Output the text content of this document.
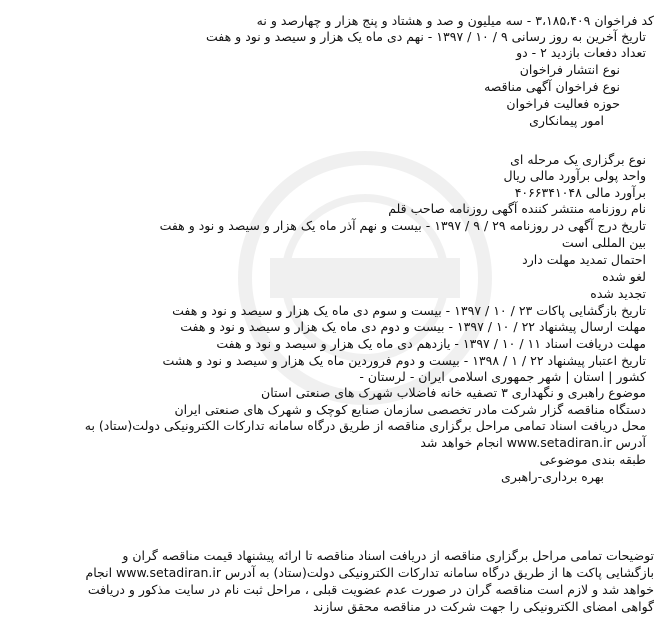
کد فراخوان ۳،۱۸۵،۴۰۹ - سه میلیون و صد و هشتاد و پنج هزار و چهارصد و نه
تاریخ آخرین به روز رسانی ۹ / ۱۰ / ۱۳۹۷ - نهم دی ماه یک هزار و سیصد و نود و هفت
تعداد دفعات بازدید ۲ - دو
نوع انتشار فراخوان
نوع فراخوان آگهی مناقصه
حوزه فعالیت فراخوان
امور پیمانکاری
نوع برگزاری یک مرحله ای
واحد پولی برآورد مالی ریال
برآورد مالی ۴۰۶۶۳۴۱۰۴۸
نام روزنامه منتشر کننده آگهی روزنامه صاحب قلم
تاریخ درج آگهی در روزنامه ۲۹ / ۹ / ۱۳۹۷ - بیست و نهم آذر ماه یک هزار و سیصد و نود و هفت
بین المللی است
احتمال تمدید مهلت دارد
لغو شده
تجدید شده
تاریخ بازگشایی پاکات ۲۳ / ۱۰ / ۱۳۹۷ - بیست و سوم دی ماه یک هزار و سیصد و نود و هفت
مهلت ارسال پیشنهاد ۲۲ / ۱۰ / ۱۳۹۷ - بیست و دوم دی ماه یک هزار و سیصد و نود و هفت
مهلت دریافت اسناد ۱۱ / ۱۰ / ۱۳۹۷ - یازدهم دی ماه یک هزار و سیصد و نود و هفت
تاریخ اعتبار پیشنهاد ۲۲ / ۱ / ۱۳۹۸ - بیست و دوم فروردین ماه یک هزار و سیصد و نود و هشت
کشور | استان | شهر جمهوری اسلامی ایران - لرستان -
موضوع راهبری و نگهداری ۳ تصفیه خانه فاضلاب شهرک های صنعتی استان
دستگاه مناقصه گزار شرکت مادر تخصصی سازمان صنایع کوچک و شهرک های صنعتی ایران
محل دریافت اسناد تمامی مراحل برگزاری مناقصه از طریق درگاه سامانه تدارکات الکترونیکی دولت(ستاد) به
آدرس www.setadiran.ir انجام خواهد شد
طبقه بندی موضوعی
بهره برداری-راهبری
توضیحات تمامی مراحل برگزاری مناقصه از دریافت اسناد مناقصه تا ارائه پیشنهاد قیمت مناقصه گران و
بازگشایی پاکت ها از طریق درگاه سامانه تدارکات الکترونیکی دولت(ستاد) به آدرس www.setadiran.ir انجام
خواهد شد و لازم است مناقصه گران در صورت عدم عضویت قبلی ، مراحل ثبت نام در سایت مذکور و دریافت
گواهی امضای الکترونیکی را جهت شرکت در مناقصه محقق سازند
